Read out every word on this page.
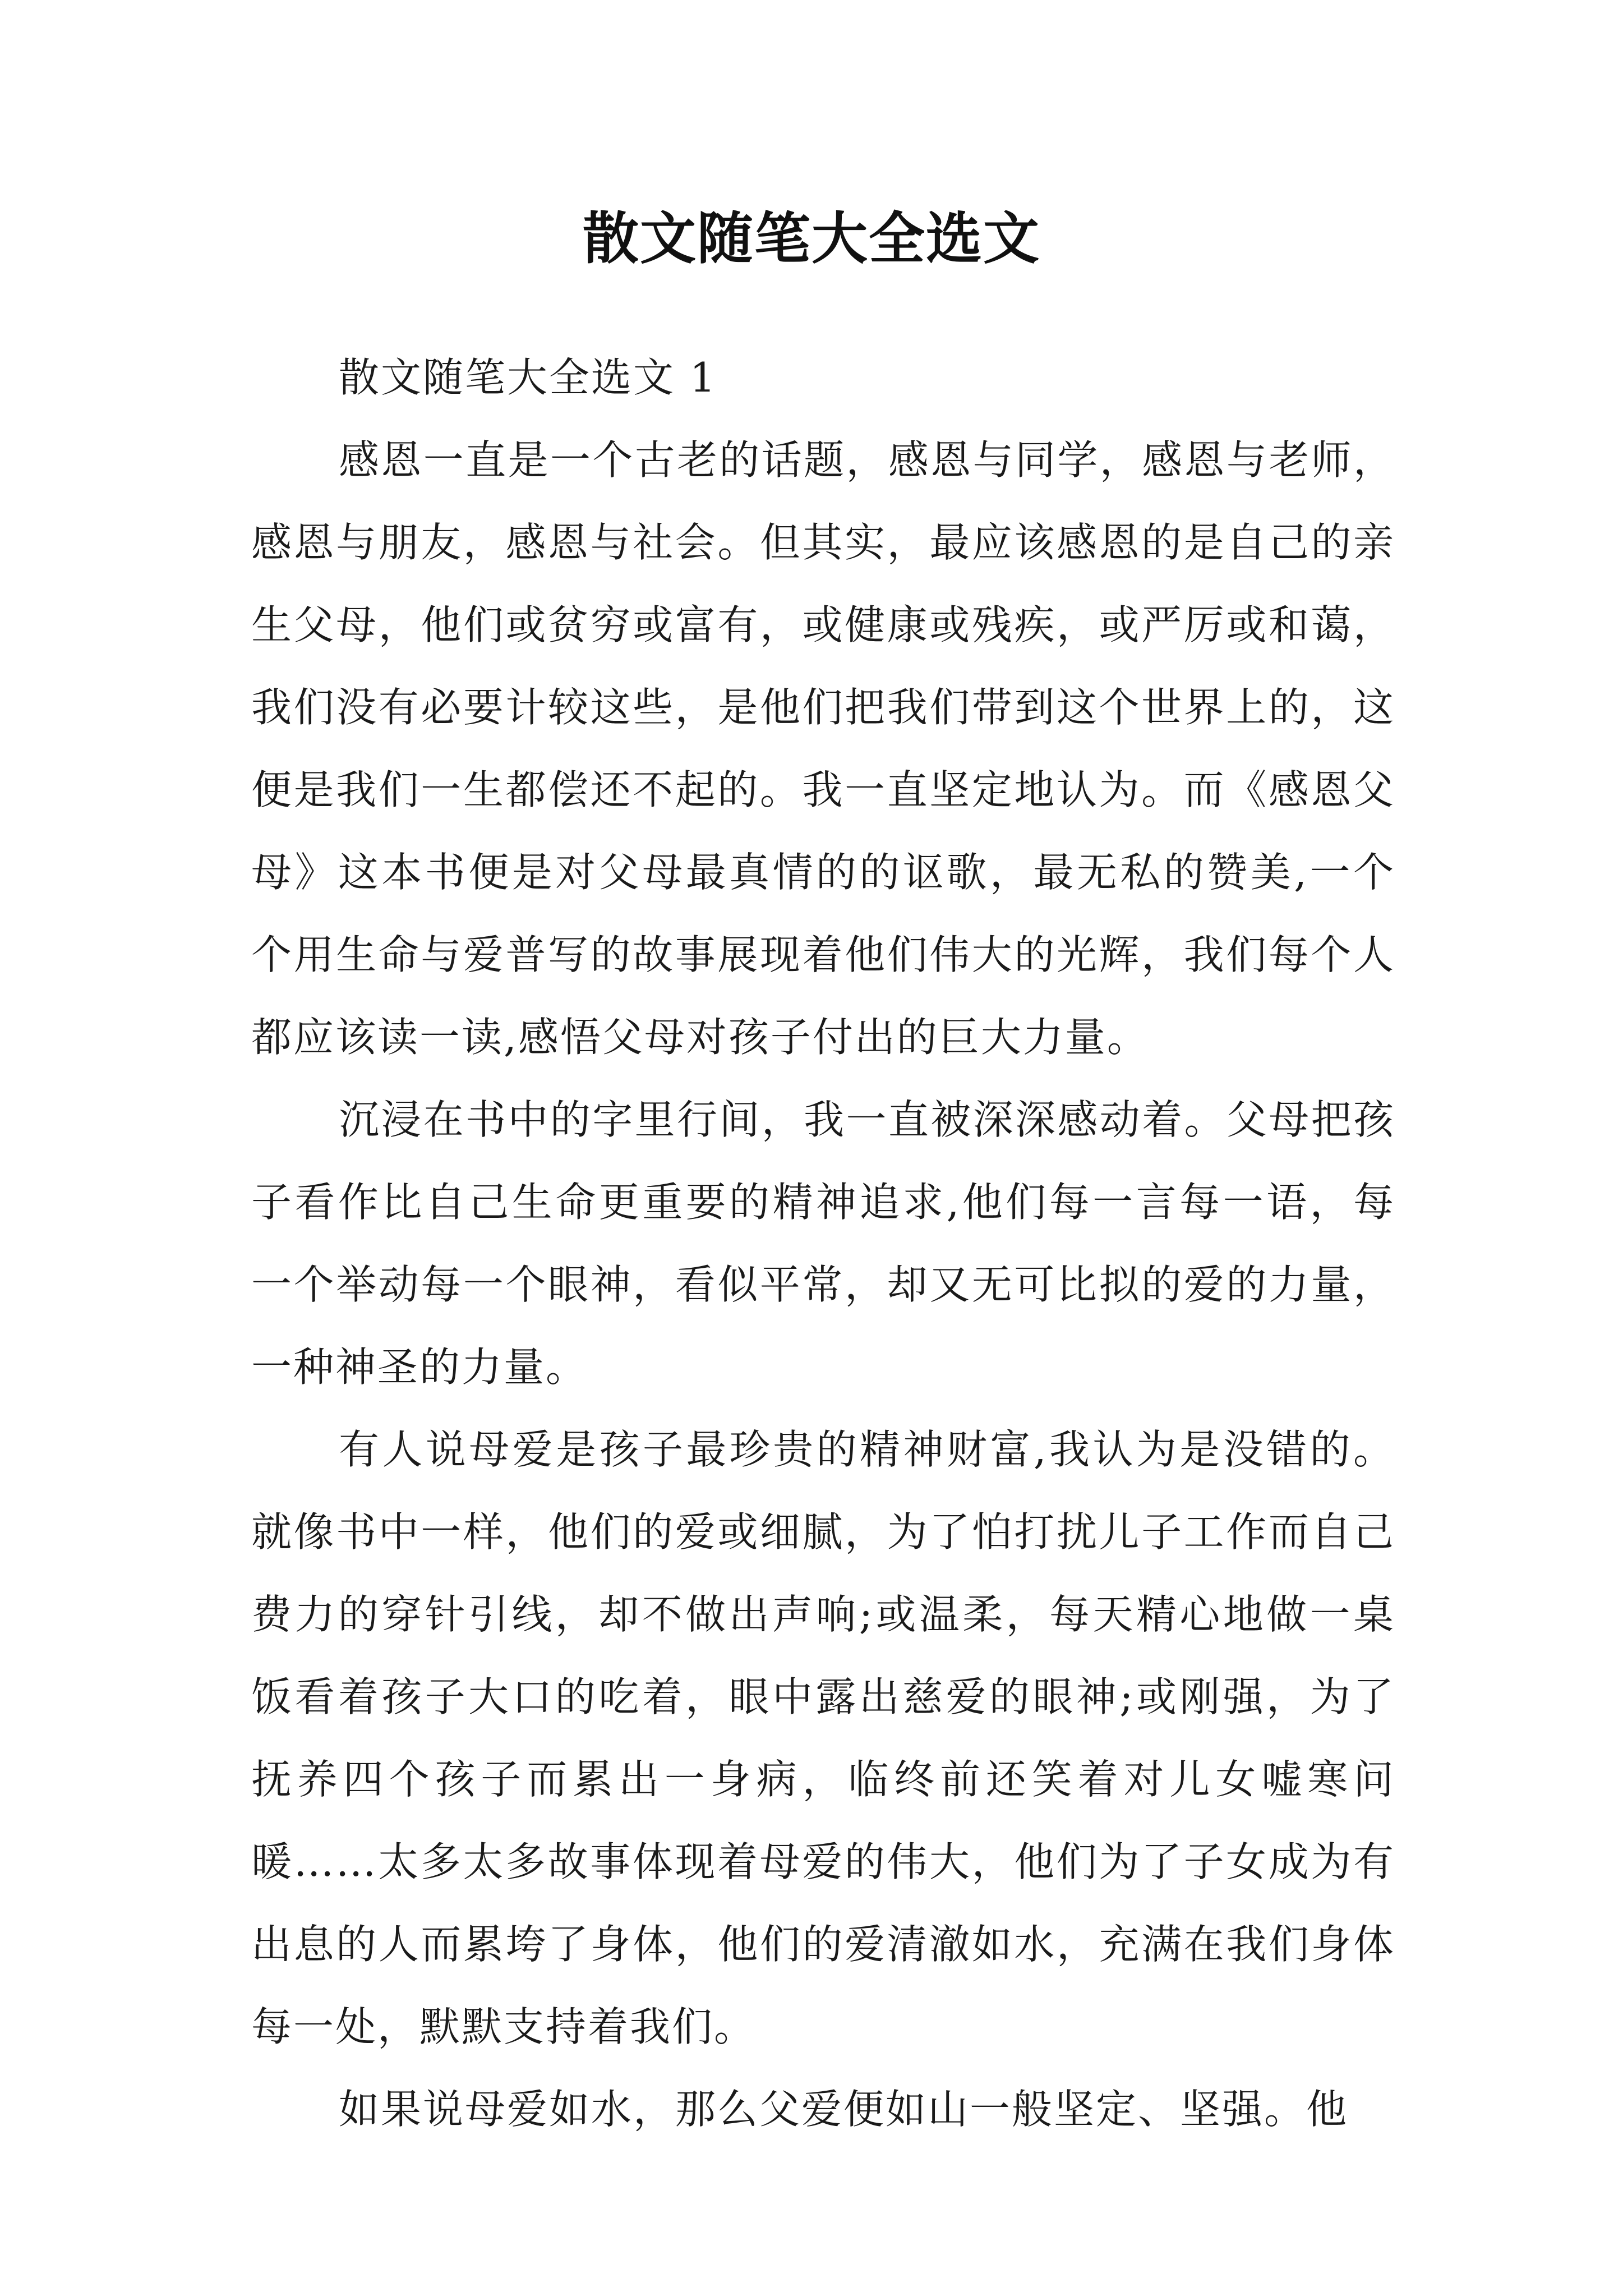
散文随笔大全选文

散文随笔大全选文 1

感恩一直是一个古老的话题，感恩与同学，感恩与老师，感恩与朋友，感恩与社会。但其实，最应该感恩的是自己的亲生父母，他们或贫穷或富有，或健康或残疾，或严厉或和蔼，我们没有必要计较这些，是他们把我们带到这个世界上的，这便是我们一生都偿还不起的。我一直坚定地认为。而《感恩父母》这本书便是对父母最真情的的讴歌，最无私的赞美,一个个用生命与爱普写的故事展现着他们伟大的光辉，我们每个人都应该读一读,感悟父母对孩子付出的巨大力量。

沉浸在书中的字里行间，我一直被深深感动着。父母把孩子看作比自己生命更重要的精神追求,他们每一言每一语，每一个举动每一个眼神，看似平常，却又无可比拟的爱的力量，一种神圣的力量。

有人说母爱是孩子最珍贵的精神财富,我认为是没错的。就像书中一样，他们的爱或细腻，为了怕打扰儿子工作而自己费力的穿针引线，却不做出声响;或温柔，每天精心地做一桌饭看着孩子大口的吃着，眼中露出慈爱的眼神;或刚强，为了抚养四个孩子而累出一身病，临终前还笑着对儿女嘘寒问暖……太多太多故事体现着母爱的伟大，他们为了子女成为有出息的人而累垮了身体，他们的爱清澈如水，充满在我们身体每一处，默默支持着我们。

如果说母爱如水，那么父爱便如山一般坚定、坚强。他
